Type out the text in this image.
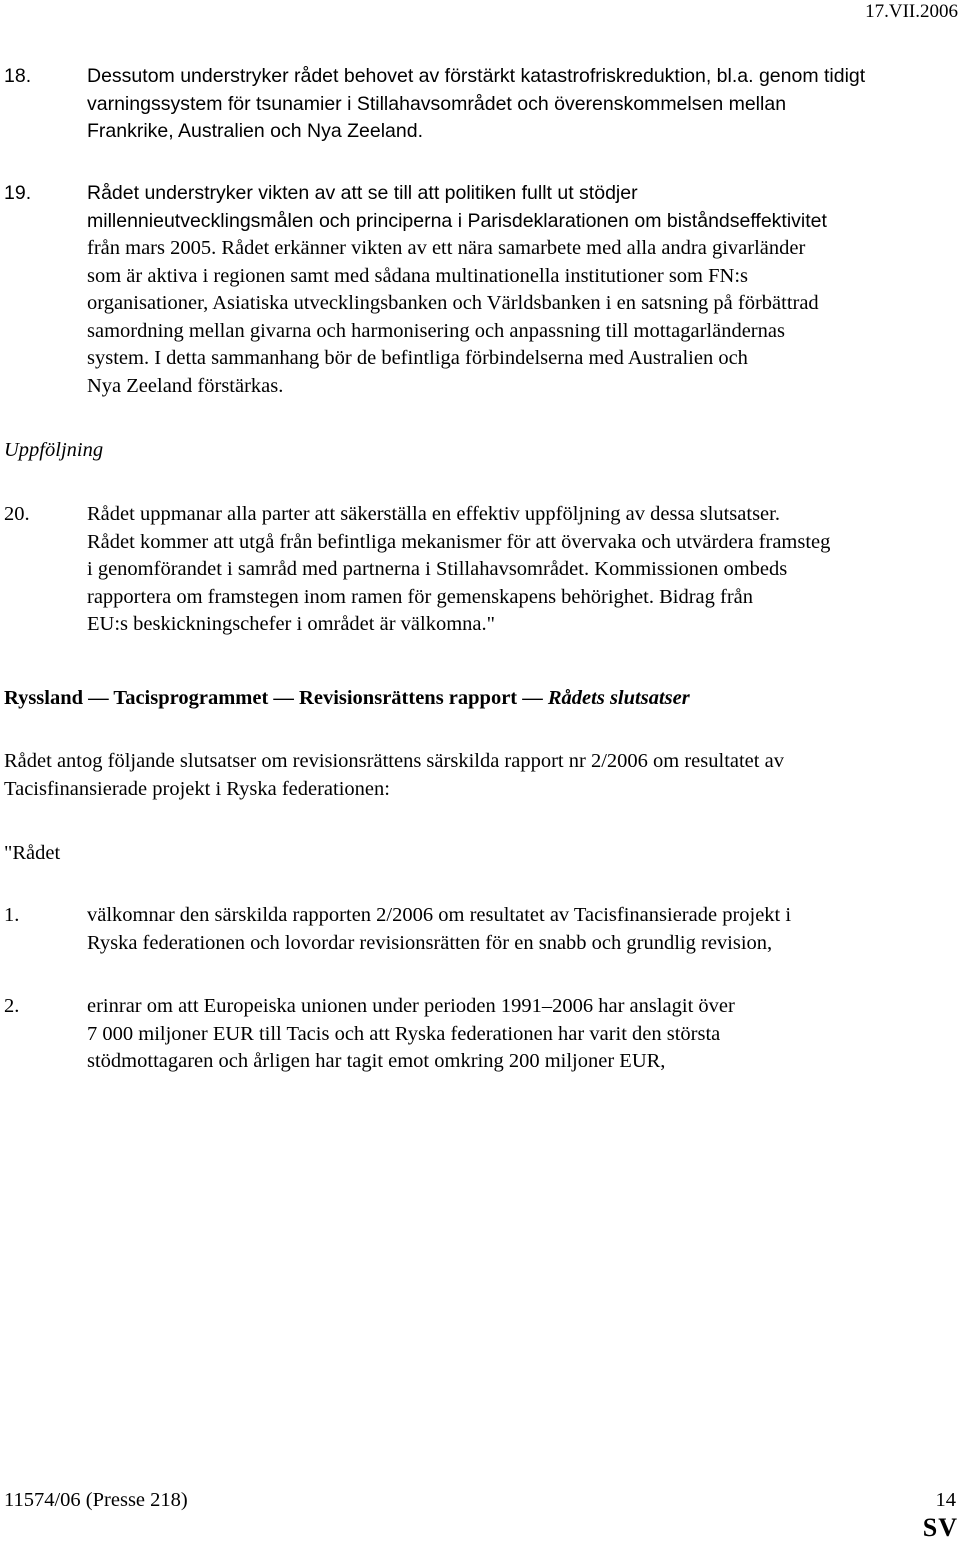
17.VII.2006
18.	Dessutom understryker rådet behovet av förstärkt katastrofriskreduktion, bl.a. genom tidigt
varningssystem för tsunamier i Stillahavsområdet och överenskommelsen mellan
Frankrike, Australien och Nya Zeeland.
19.	Rådet understryker vikten av att se till att politiken fullt ut stödjer
millennieutvecklingsmålen och principerna i Parisdeklarationen om biståndseffektivitet
från mars 2005. Rådet erkänner vikten av ett nära samarbete med alla andra givarländer
som är aktiva i regionen samt med sådana multinationella institutioner som FN:s
organisationer, Asiatiska utvecklingsbanken och Världsbanken i en satsning på förbättrad
samordning mellan givarna och harmonisering och anpassning till mottagarländernas
system. I detta sammanhang bör de befintliga förbindelserna med Australien och
Nya Zeeland förstärkas.
Uppföljning
20.	Rådet uppmanar alla parter att säkerställa en effektiv uppföljning av dessa slutsatser.
Rådet kommer att utgå från befintliga mekanismer för att övervaka och utvärdera framsteg
i genomförandet i samråd med partnerna i Stillahavsområdet. Kommissionen ombeds
rapportera om framstegen inom ramen för gemenskapens behörighet. Bidrag från
EU:s beskickningschefer i området är välkomna."
Ryssland — Tacisprogrammet — Revisionsrättens rapport — Rådets slutsatser
Rådet antog följande slutsatser om revisionsrättens särskilda rapport nr 2/2006 om resultatet av
Tacisfinansierade projekt i Ryska federationen:
"Rådet
1.	välkomnar den särskilda rapporten 2/2006 om resultatet av Tacisfinansierade projekt i
Ryska federationen och lovordar revisionsrätten för en snabb och grundlig revision,
2.	erinrar om att Europeiska unionen under perioden 1991–2006 har anslagit över
7 000 miljoner EUR till Tacis och att Ryska federationen har varit den största
stödmottagaren och årligen har tagit emot omkring 200 miljoner EUR,
11574/06 (Presse 218)	14
SV
